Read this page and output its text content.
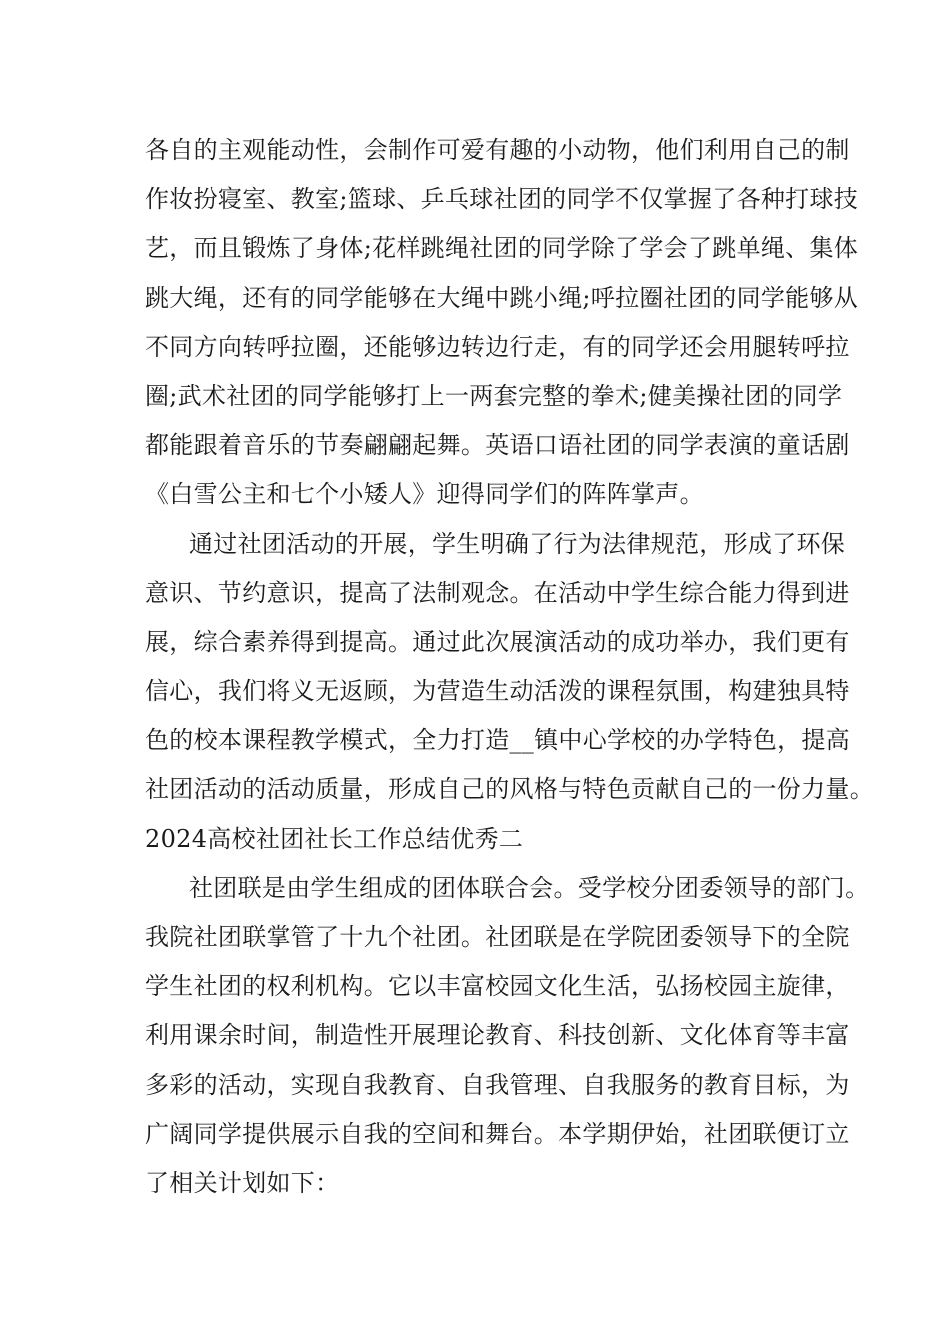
各自的主观能动性，会制作可爱有趣的小动物，他们利用自己的制
作妆扮寝室、教室;篮球、乒乓球社团的同学不仅掌握了各种打球技
艺，而且锻炼了身体;花样跳绳社团的同学除了学会了跳单绳、集体
跳大绳，还有的同学能够在大绳中跳小绳;呼拉圈社团的同学能够从
不同方向转呼拉圈，还能够边转边行走，有的同学还会用腿转呼拉
圈;武术社团的同学能够打上一两套完整的拳术;健美操社团的同学
都能跟着音乐的节奏翩翩起舞。英语口语社团的同学表演的童话剧
《白雪公主和七个小矮人》迎得同学们的阵阵掌声。
通过社团活动的开展，学生明确了行为法律规范，形成了环保
意识、节约意识，提高了法制观念。在活动中学生综合能力得到进
展，综合素养得到提高。通过此次展演活动的成功举办，我们更有
信心，我们将义无返顾，为营造生动活泼的课程氛围，构建独具特
色的校本课程教学模式，全力打造__镇中心学校的办学特色，提高
社团活动的活动质量，形成自己的风格与特色贡献自己的一份力量。
2024高校社团社长工作总结优秀二
社团联是由学生组成的团体联合会。受学校分团委领导的部门。
我院社团联掌管了十九个社团。社团联是在学院团委领导下的全院
学生社团的权利机构。它以丰富校园文化生活，弘扬校园主旋律，
利用课余时间，制造性开展理论教育、科技创新、文化体育等丰富
多彩的活动，实现自我教育、自我管理、自我服务的教育目标，为
广阔同学提供展示自我的空间和舞台。本学期伊始，社团联便订立
了相关计划如下：
